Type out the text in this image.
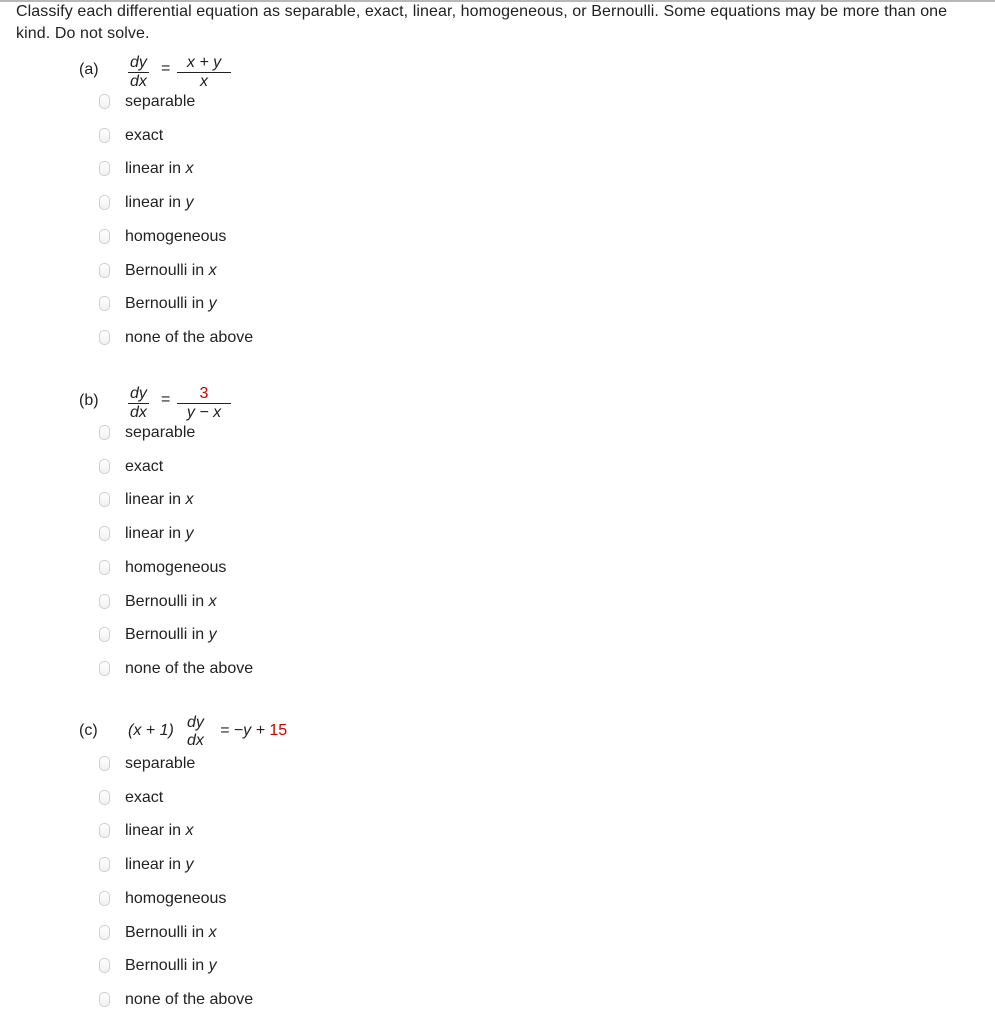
Classify each differential equation as separable, exact, linear, homogeneous, or Bernoulli. Some equations may be more than one kind. Do not solve.
$(a) \frac{dy}{dx} = \frac{x + y}{x}$
separable
exact
linear in x
linear in y
homogeneous
Bernoulli in x
Bernoulli in y
none of the above
$(b) \frac{dy}{dx} = \frac{3}{y - x}$
separable
exact
linear in x
linear in y
homogeneous
Bernoulli in x
Bernoulli in y
none of the above
(c) (x + 1) dy
dx
= −y + 15
separable
exact
linear in x
linear in y
homogeneous
Bernoulli in x
Bernoulli in y
none of the above
